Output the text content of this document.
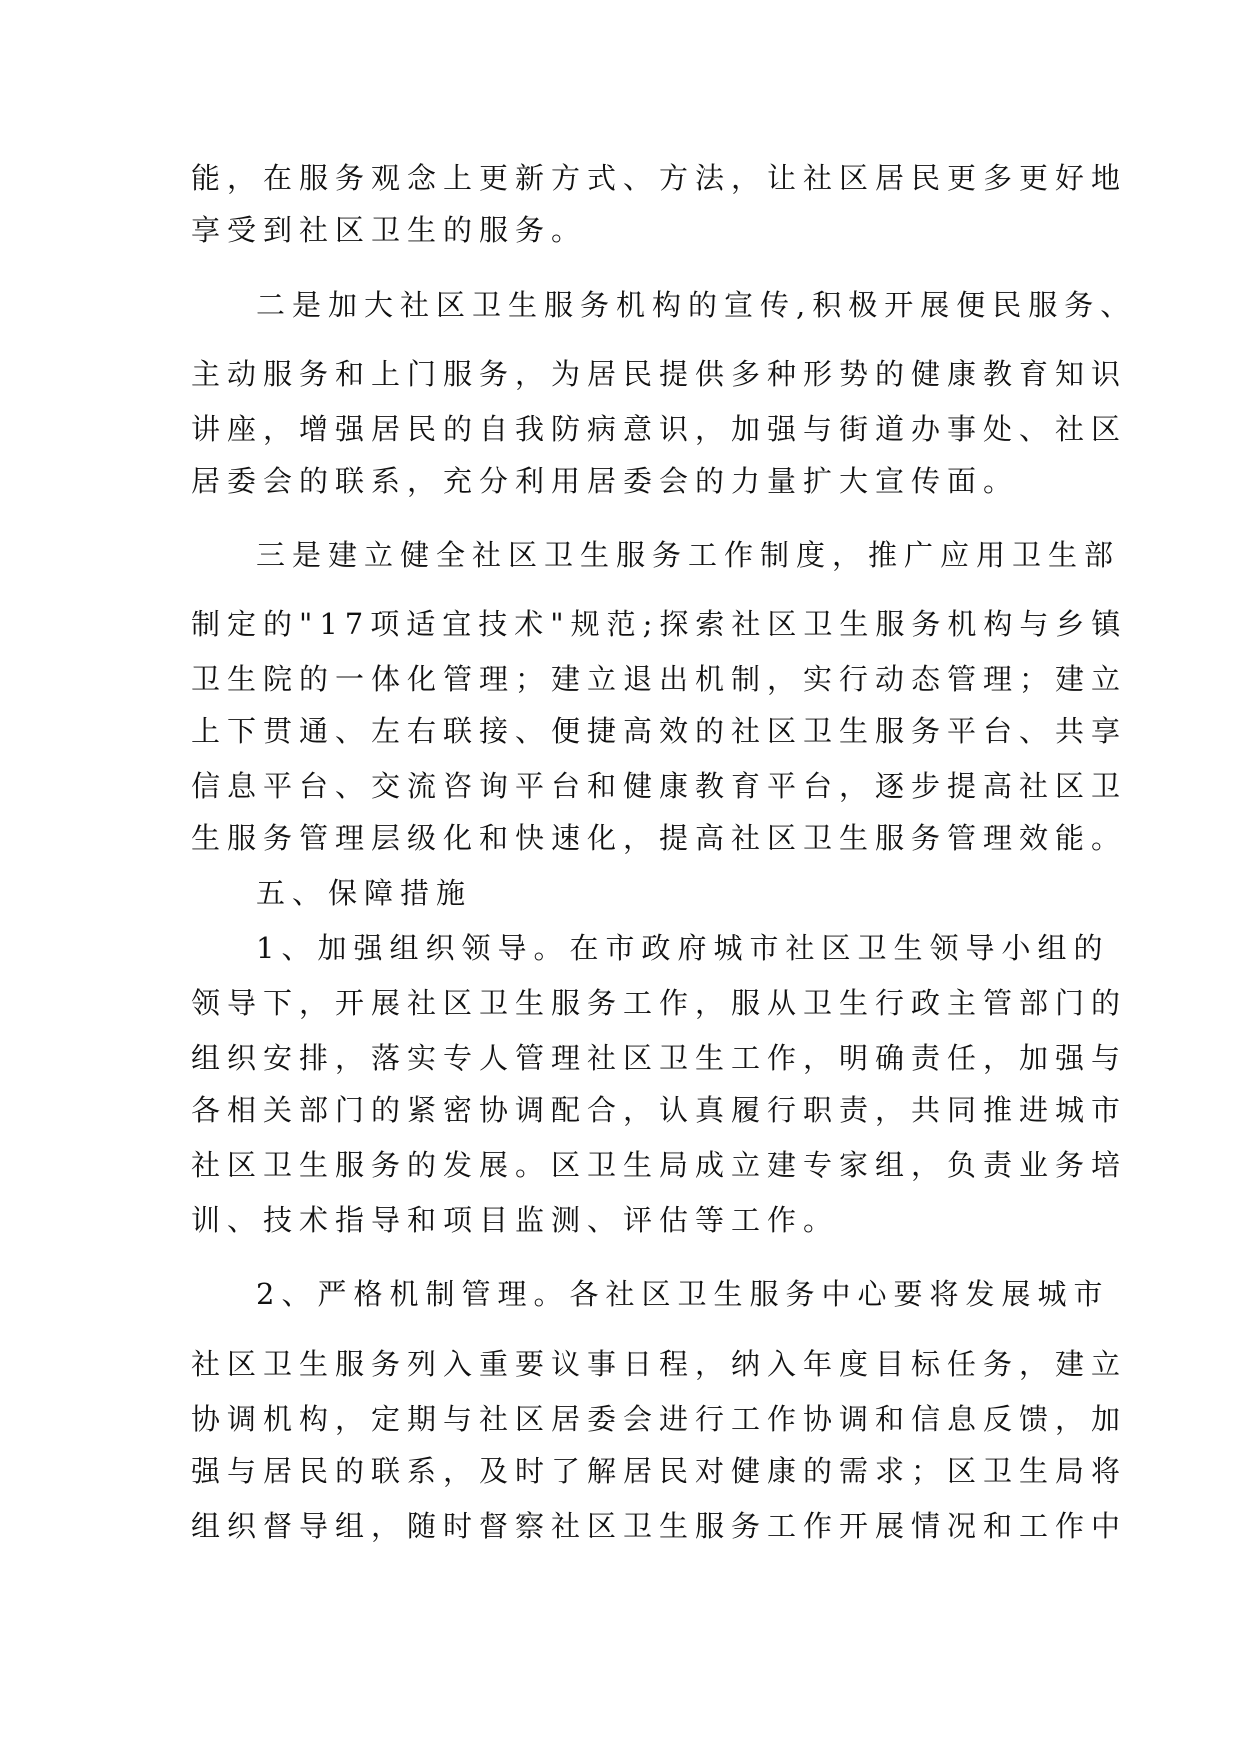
能，在服务观念上更新方式、方法，让社区居民更多更好地
享受到社区卫生的服务。
二是加大社区卫生服务机构的宣传,积极开展便民服务、
主动服务和上门服务，为居民提供多种形势的健康教育知识
讲座，增强居民的自我防病意识，加强与街道办事处、社区
居委会的联系，充分利用居委会的力量扩大宣传面。
三是建立健全社区卫生服务工作制度，推广应用卫生部
制定的"17项适宜技术"规范;探索社区卫生服务机构与乡镇
卫生院的一体化管理；建立退出机制，实行动态管理；建立
上下贯通、左右联接、便捷高效的社区卫生服务平台、共享
信息平台、交流咨询平台和健康教育平台，逐步提高社区卫
生服务管理层级化和快速化，提高社区卫生服务管理效能。
五、保障措施
1、加强组织领导。在市政府城市社区卫生领导小组的
领导下，开展社区卫生服务工作，服从卫生行政主管部门的
组织安排，落实专人管理社区卫生工作，明确责任，加强与
各相关部门的紧密协调配合，认真履行职责，共同推进城市
社区卫生服务的发展。区卫生局成立建专家组，负责业务培
训、技术指导和项目监测、评估等工作。
2、严格机制管理。各社区卫生服务中心要将发展城市
社区卫生服务列入重要议事日程，纳入年度目标任务，建立
协调机构，定期与社区居委会进行工作协调和信息反馈，加
强与居民的联系，及时了解居民对健康的需求；区卫生局将
组织督导组，随时督察社区卫生服务工作开展情况和工作中
